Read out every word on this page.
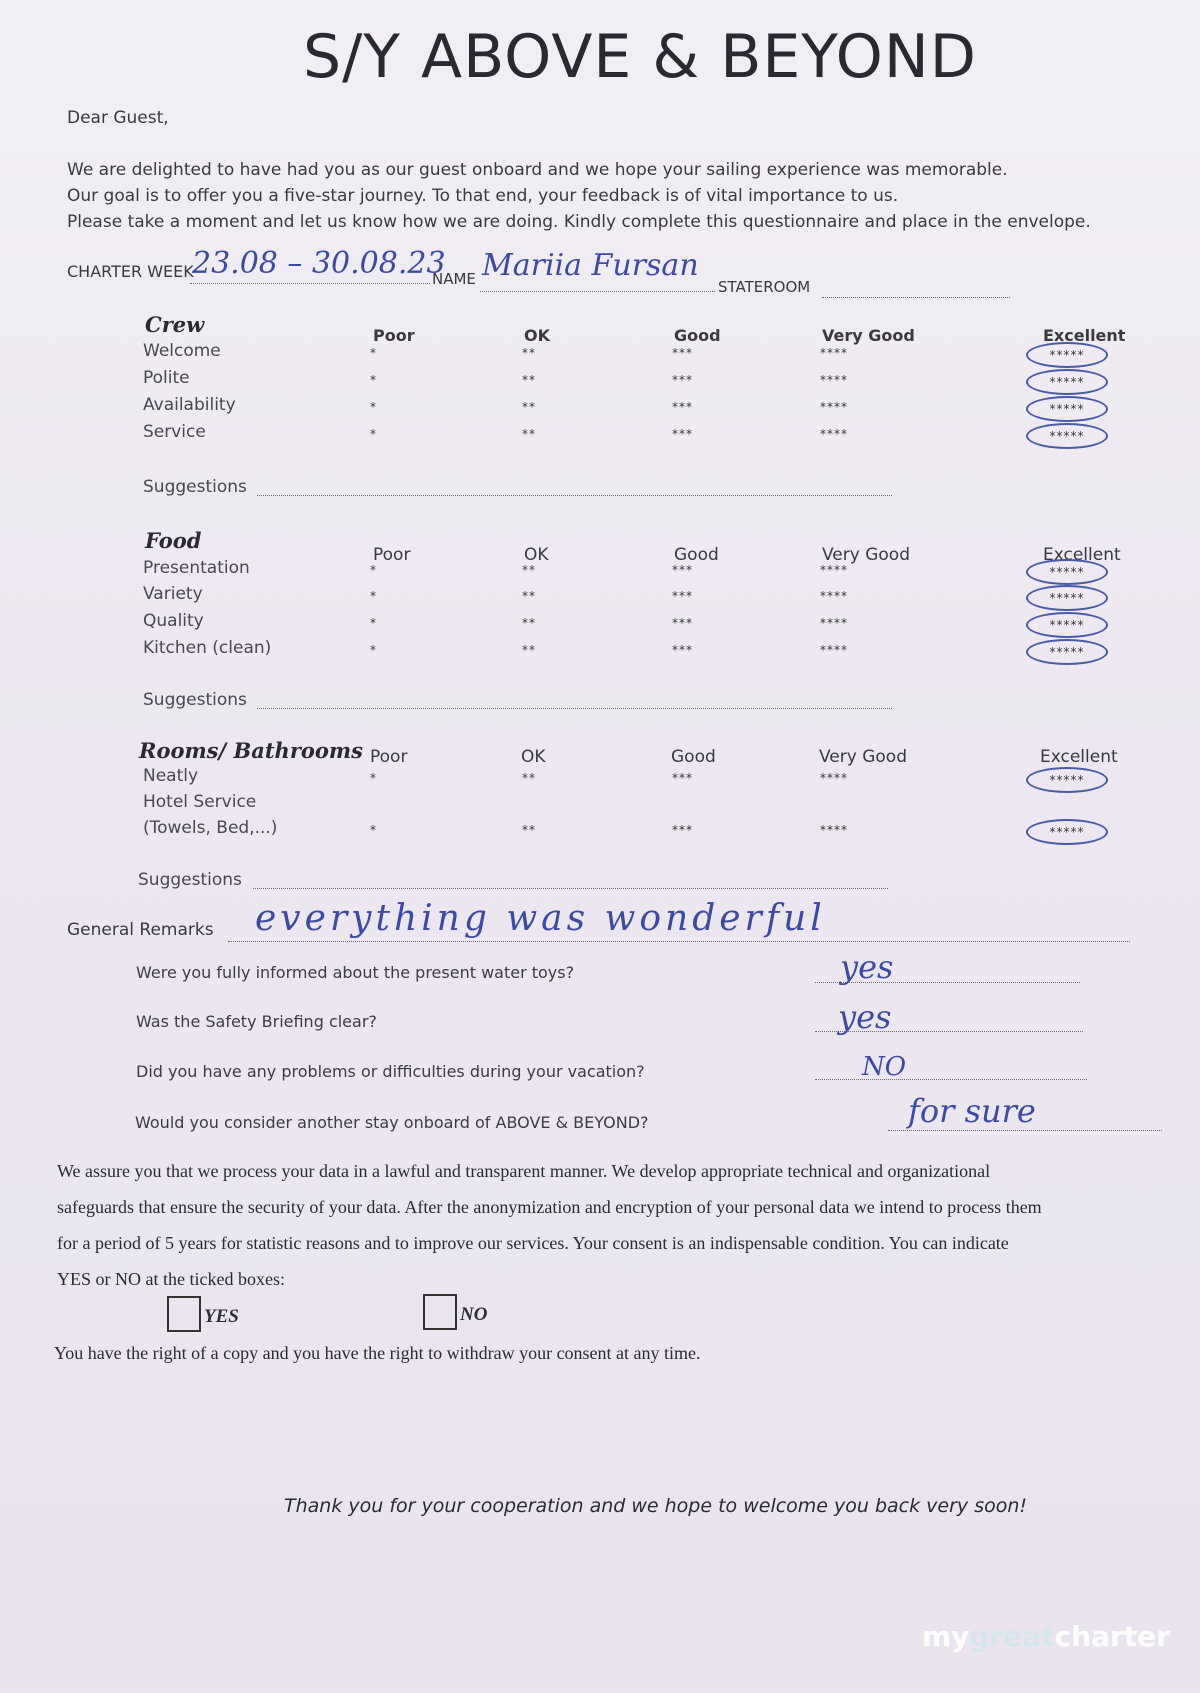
S/Y ABOVE & BEYOND
Dear Guest,
We are delighted to have had you as our guest onboard and we hope your sailing experience was memorable.
Our goal is to offer you a five-star journey. To that end, your feedback is of vital importance to us.
Please take a moment and let us know how we are doing. Kindly complete this questionnaire and place in the envelope.
CHARTER WEEK
23.08 – 30.08.23
NAME Mariia Fursan
STATEROOM
Crew	Poor	OK	Good	Very Good	Excellent
Welcome	*	**	***	****	*****
Polite	*	**	***	****	*****
Availability	*	**	***	****	*****
Service	*	**	***	****	*****
Suggestions
Food
Poor	OK	Good	Very Good	Excellent
Presentation	*	**	***	****	*****
Variety	*	**	***	****	*****
Quality	*	**	***	****	*****
Kitchen (clean)	*	**	***	****	*****
Suggestions
Rooms/ Bathrooms Poor	OK	Good	Very Good	Excellent
Neatly	*	**	***	****	*****
Hotel Service
(Towels, Bed,...)	*	**	***	****	*****
Suggestions
General Remarks everything was wonderful
Were you fully informed about the present water toys?	yes
Was the Safety Briefing clear?	yes
Did you have any problems or difficulties during your vacation?	NO
Would you consider another stay onboard of ABOVE & BEYOND?	for sure
We assure you that we process your data in a lawful and transparent manner. We develop appropriate technical and organizational
safeguards that ensure the security of your data. After the anonymization and encryption of your personal data we intend to process them
for a period of 5 years for statistic reasons and to improve our services. Your consent is an indispensable condition. You can indicate
YES or NO at the ticked boxes:
YES	NO
You have the right of a copy and you have the right to withdraw your consent at any time.
Thank you for your cooperation and we hope to welcome you back very soon!
mygreatcharter
